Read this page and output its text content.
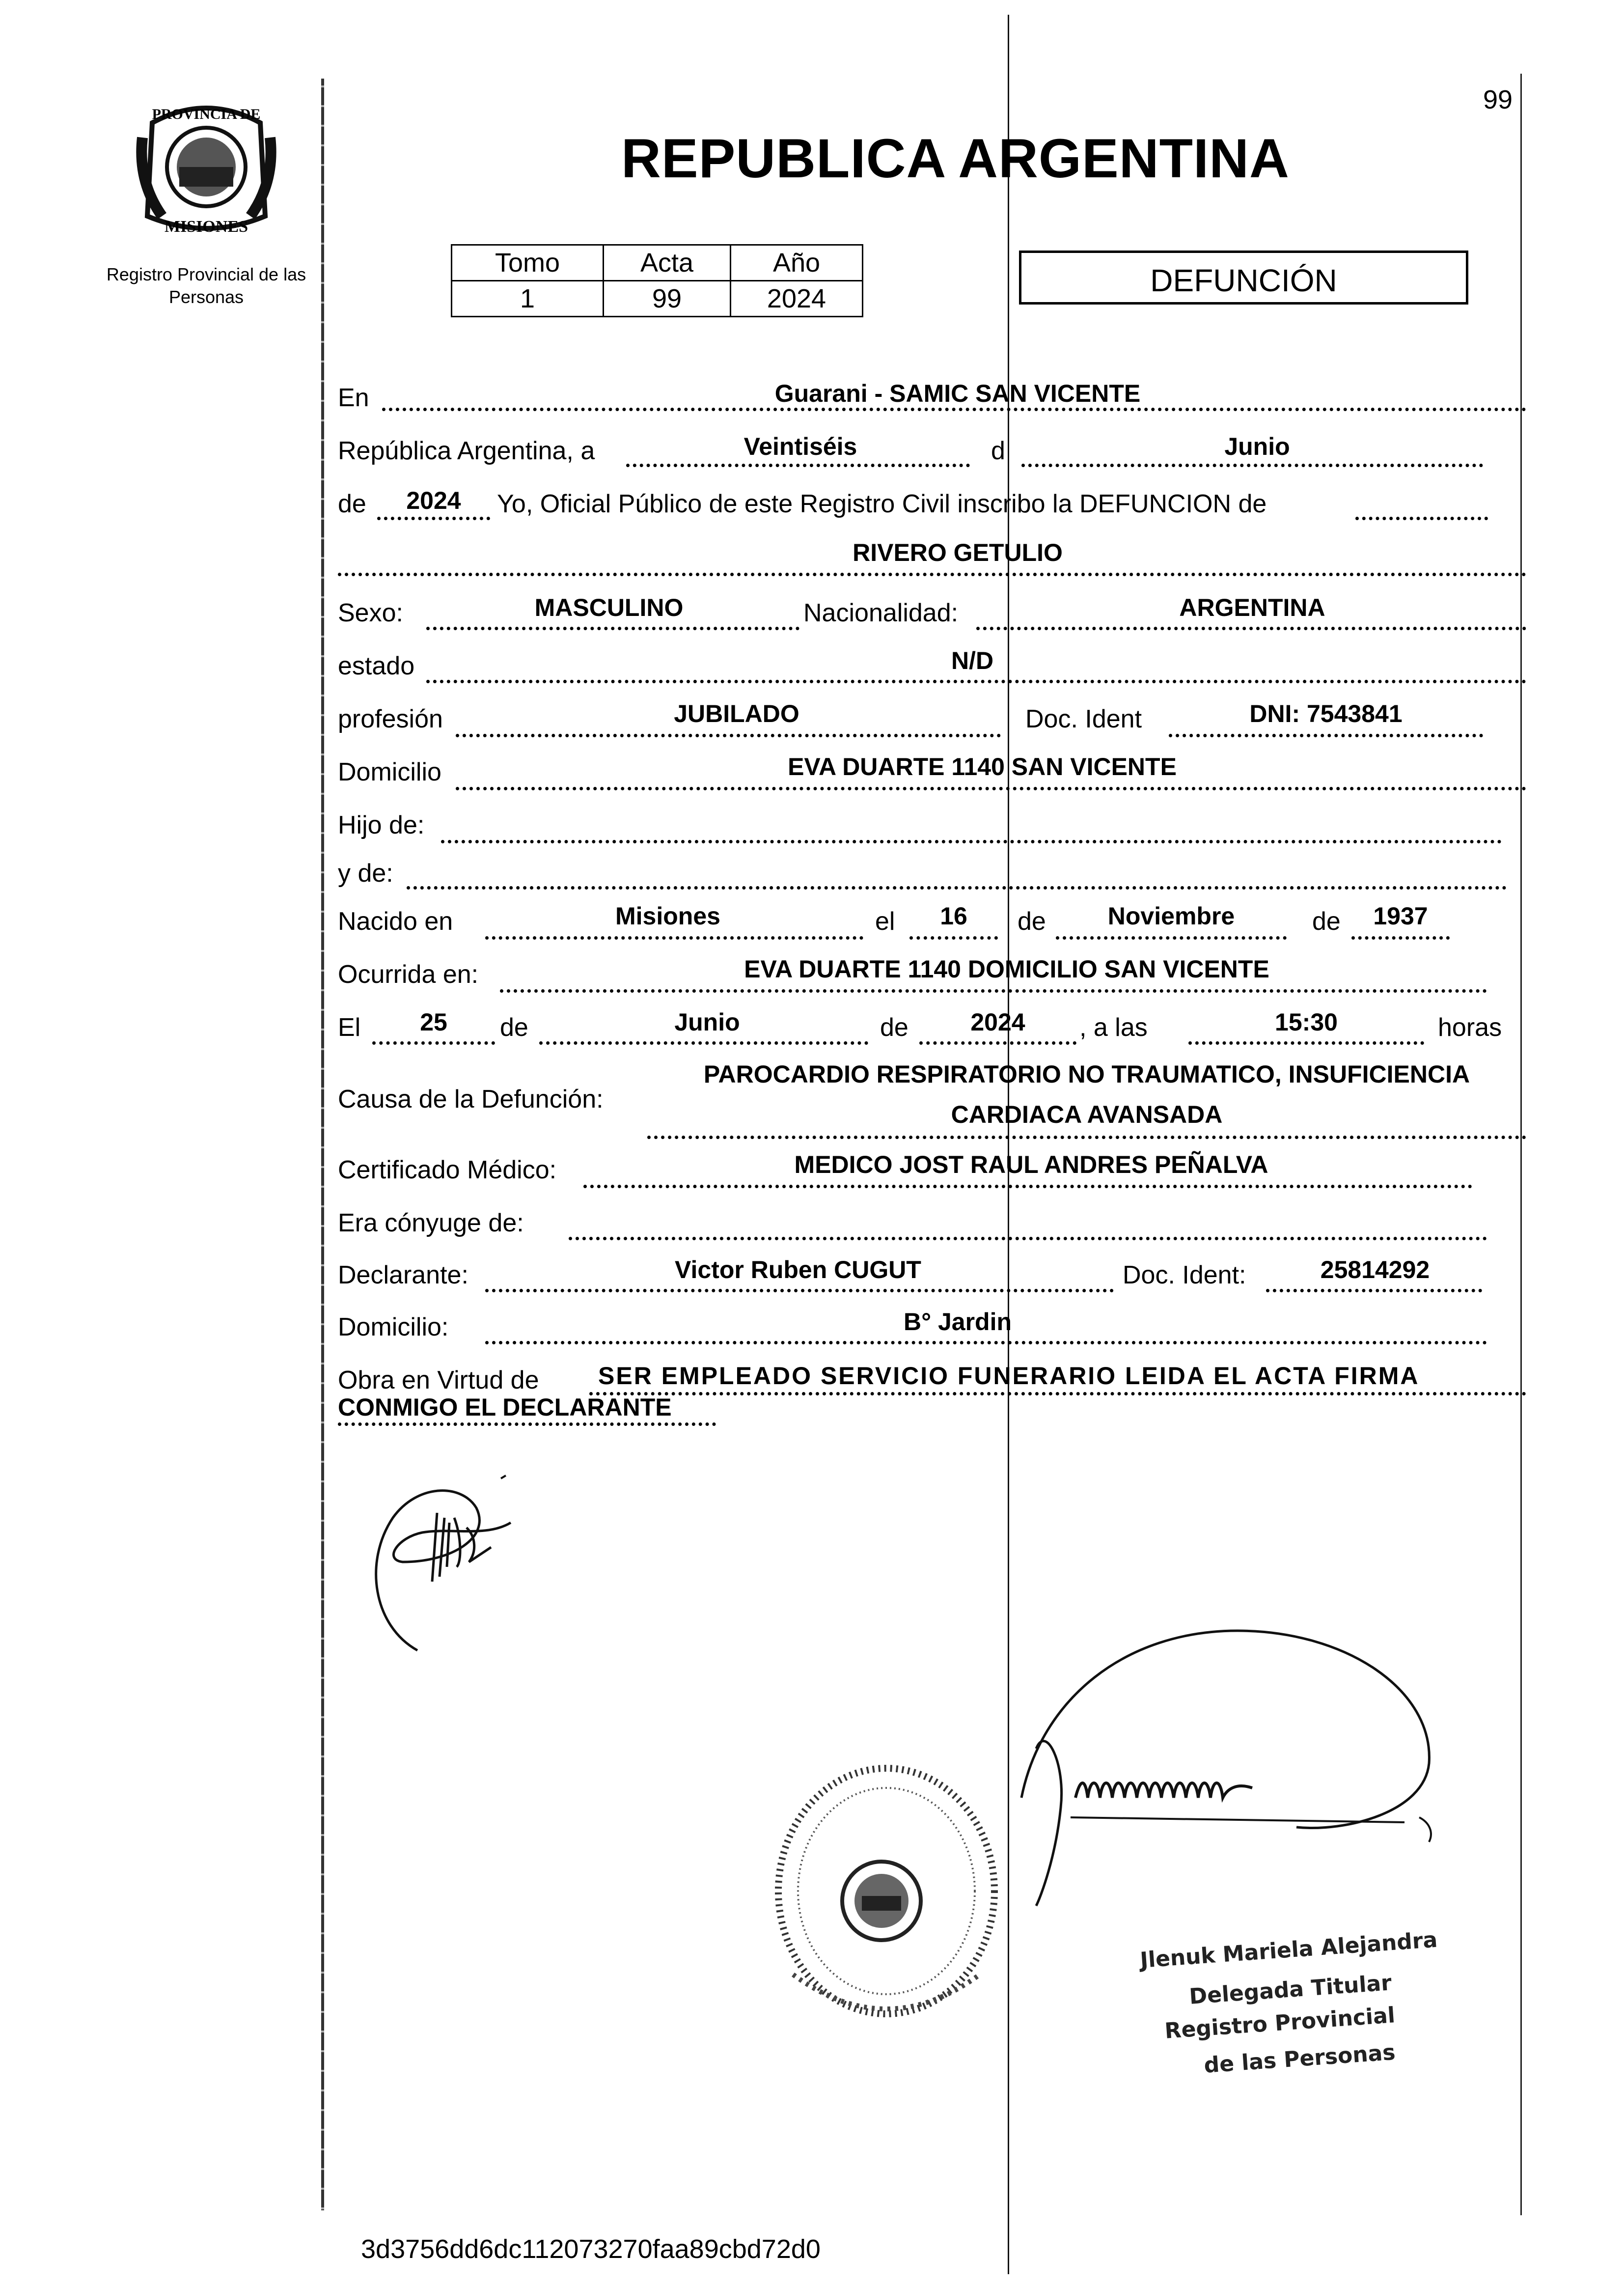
99
PROVINCIA DE
MISIONES
Registro Provincial de las Personas
REPUBLICA ARGENTINA
Tomo	Acta	Año
1	99	2024
DEFUNCIÓN
En	Guarani - SAMIC SAN VICENTE
República Argentina, a	Veintiséis	d	Junio
de	2024	Yo, Oficial Público de este Registro Civil inscribo la DEFUNCION de
RIVERO GETULIO
Sexo:	MASCULINO	Nacionalidad:	ARGENTINA
estado	N/D
profesión	JUBILADO	Doc. Ident	DNI: 7543841
Domicilio	EVA DUARTE 1140 SAN VICENTE
Hijo de:
y de:
Nacido en	Misiones	el	16	de	Noviembre	de	1937
Ocurrida en:	EVA DUARTE 1140 DOMICILIO SAN VICENTE
El	25	de	Junio	de	2024	, a las	15:30	horas
Causa de la Defunción:
PAROCARDIO RESPIRATORIO NO TRAUMATICO, INSUFICIENCIA
CARDIACA AVANSADA
Certificado Médico:	MEDICO JOST RAUL ANDRES PEÑALVA
Era cónyuge de:
Declarante:	Victor Ruben CUGUT	Doc. Ident:	25814292
Domicilio:	B° Jardin
Obra en Virtud de SER EMPLEADO SERVICIO FUNERARIO LEIDA EL ACTA FIRMA
CONMIGO EL DECLARANTE
Jlenuk Mariela Alejandra
Delegada Titular
Registro Provincial
de las Personas
3d3756dd6dc112073270faa89cbd72d0
